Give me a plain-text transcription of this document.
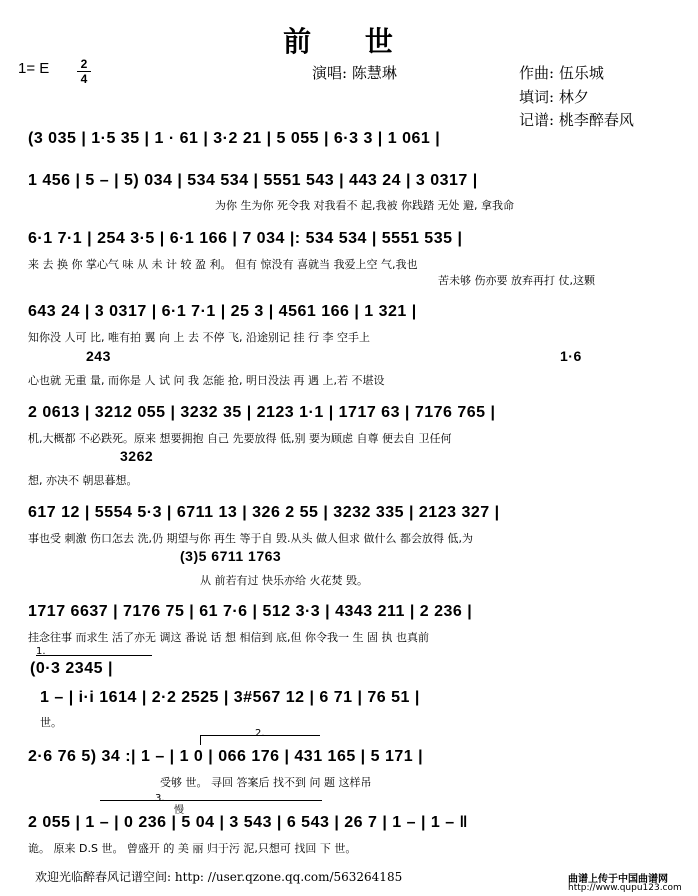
前 世
1= E	2
4	演唱: 陈慧琳	作曲: 伍乐城
填词: 林夕
记谱: 桃李醉春风
(3 035 | 1·5 35 | 1 · 61 | 3·2 21 | 5 055 | 6·3 3 | 1 061 |
1 456 | 5 – | 5) 034 | 534 534 | 5551 543 | 443 24 | 3 0317 |
为你 生为你 死令我 对我看不 起,我被 你践踏 无处 避, 拿我命
6·1 7·1 | 254 3·5 | 6·1 166 | 7 034 |: 534 534 | 5551 535 |
来 去 换 你 掌心气 味 从 未 计 较 盈 利。 但有 惊没有 喜就当 我爱上空 气,我也
苦未够 伤亦要 放弃再打 仗,这颗
643 24 | 3 0317 | 6·1 7·1 | 25 3 | 4561 166 | 1 321 |
知你没 人可 比, 唯有拍 翼 向 上 去 不停 飞, 沿途别记 挂 行 李 空手上
243	1·6
心也就 无重 量, 而你是 人 试 问 我 怎能 抢, 明日没法 再 遇 上,若 不堪设
2 0613 | 3212 055 | 3232 35 | 2123 1·1 | 1717 63 | 7176 765 |
机,大概都 不必跌死。原来 想要拥抱 自己 先要放得 低,别 要为顾虑 自尊 便去自 卫任何
3262
想, 亦决不 朝思暮想。
617 12 | 5554 5·3 | 6711 13 | 326 2 55 | 3232 335 | 2123 327 |
事也受 刺激 伤口怎去 洗,仍 期望与你 再生 等于自 毁.从头 做人但求 做什么 都会放得 低,为
(3)5 6711 1763
从 前若有过 快乐亦给 火花焚 毁。
1717 6637 | 7176 75 | 61 7·6 | 512 3·3 | 4343 211 | 2 236 |
挂念往事 而求生 活了亦无 调这 番说 话 想 相信到 底,但 你令我一 生 固 执 也真前
1.
(0·3 2345 |
1 – | i·i 1614 | 2·2 2525 | 3#567 12 | 6 71 | 76 51 |
世。
2.
2·6 76 5) 34 :| 1 – | 1 0 | 066 176 | 431 165 | 5 171 |
受够 世。 寻回 答案后 找不到 问 题 这样吊
3.
慢
2 055 | 1 – | 0 236 | 5 04 | 3 543 | 6 543 | 26 7 | 1 – | 1 – ‖
诡。 原来 D.S 世。 曾盛开 的 美 丽 归于污 泥,只想可 找回 下 世。
欢迎光临醉春风记谱空间: http: //user.qzone.qq.com/563264185	曲谱上传于中国曲谱网
http://www.qupu123.com
